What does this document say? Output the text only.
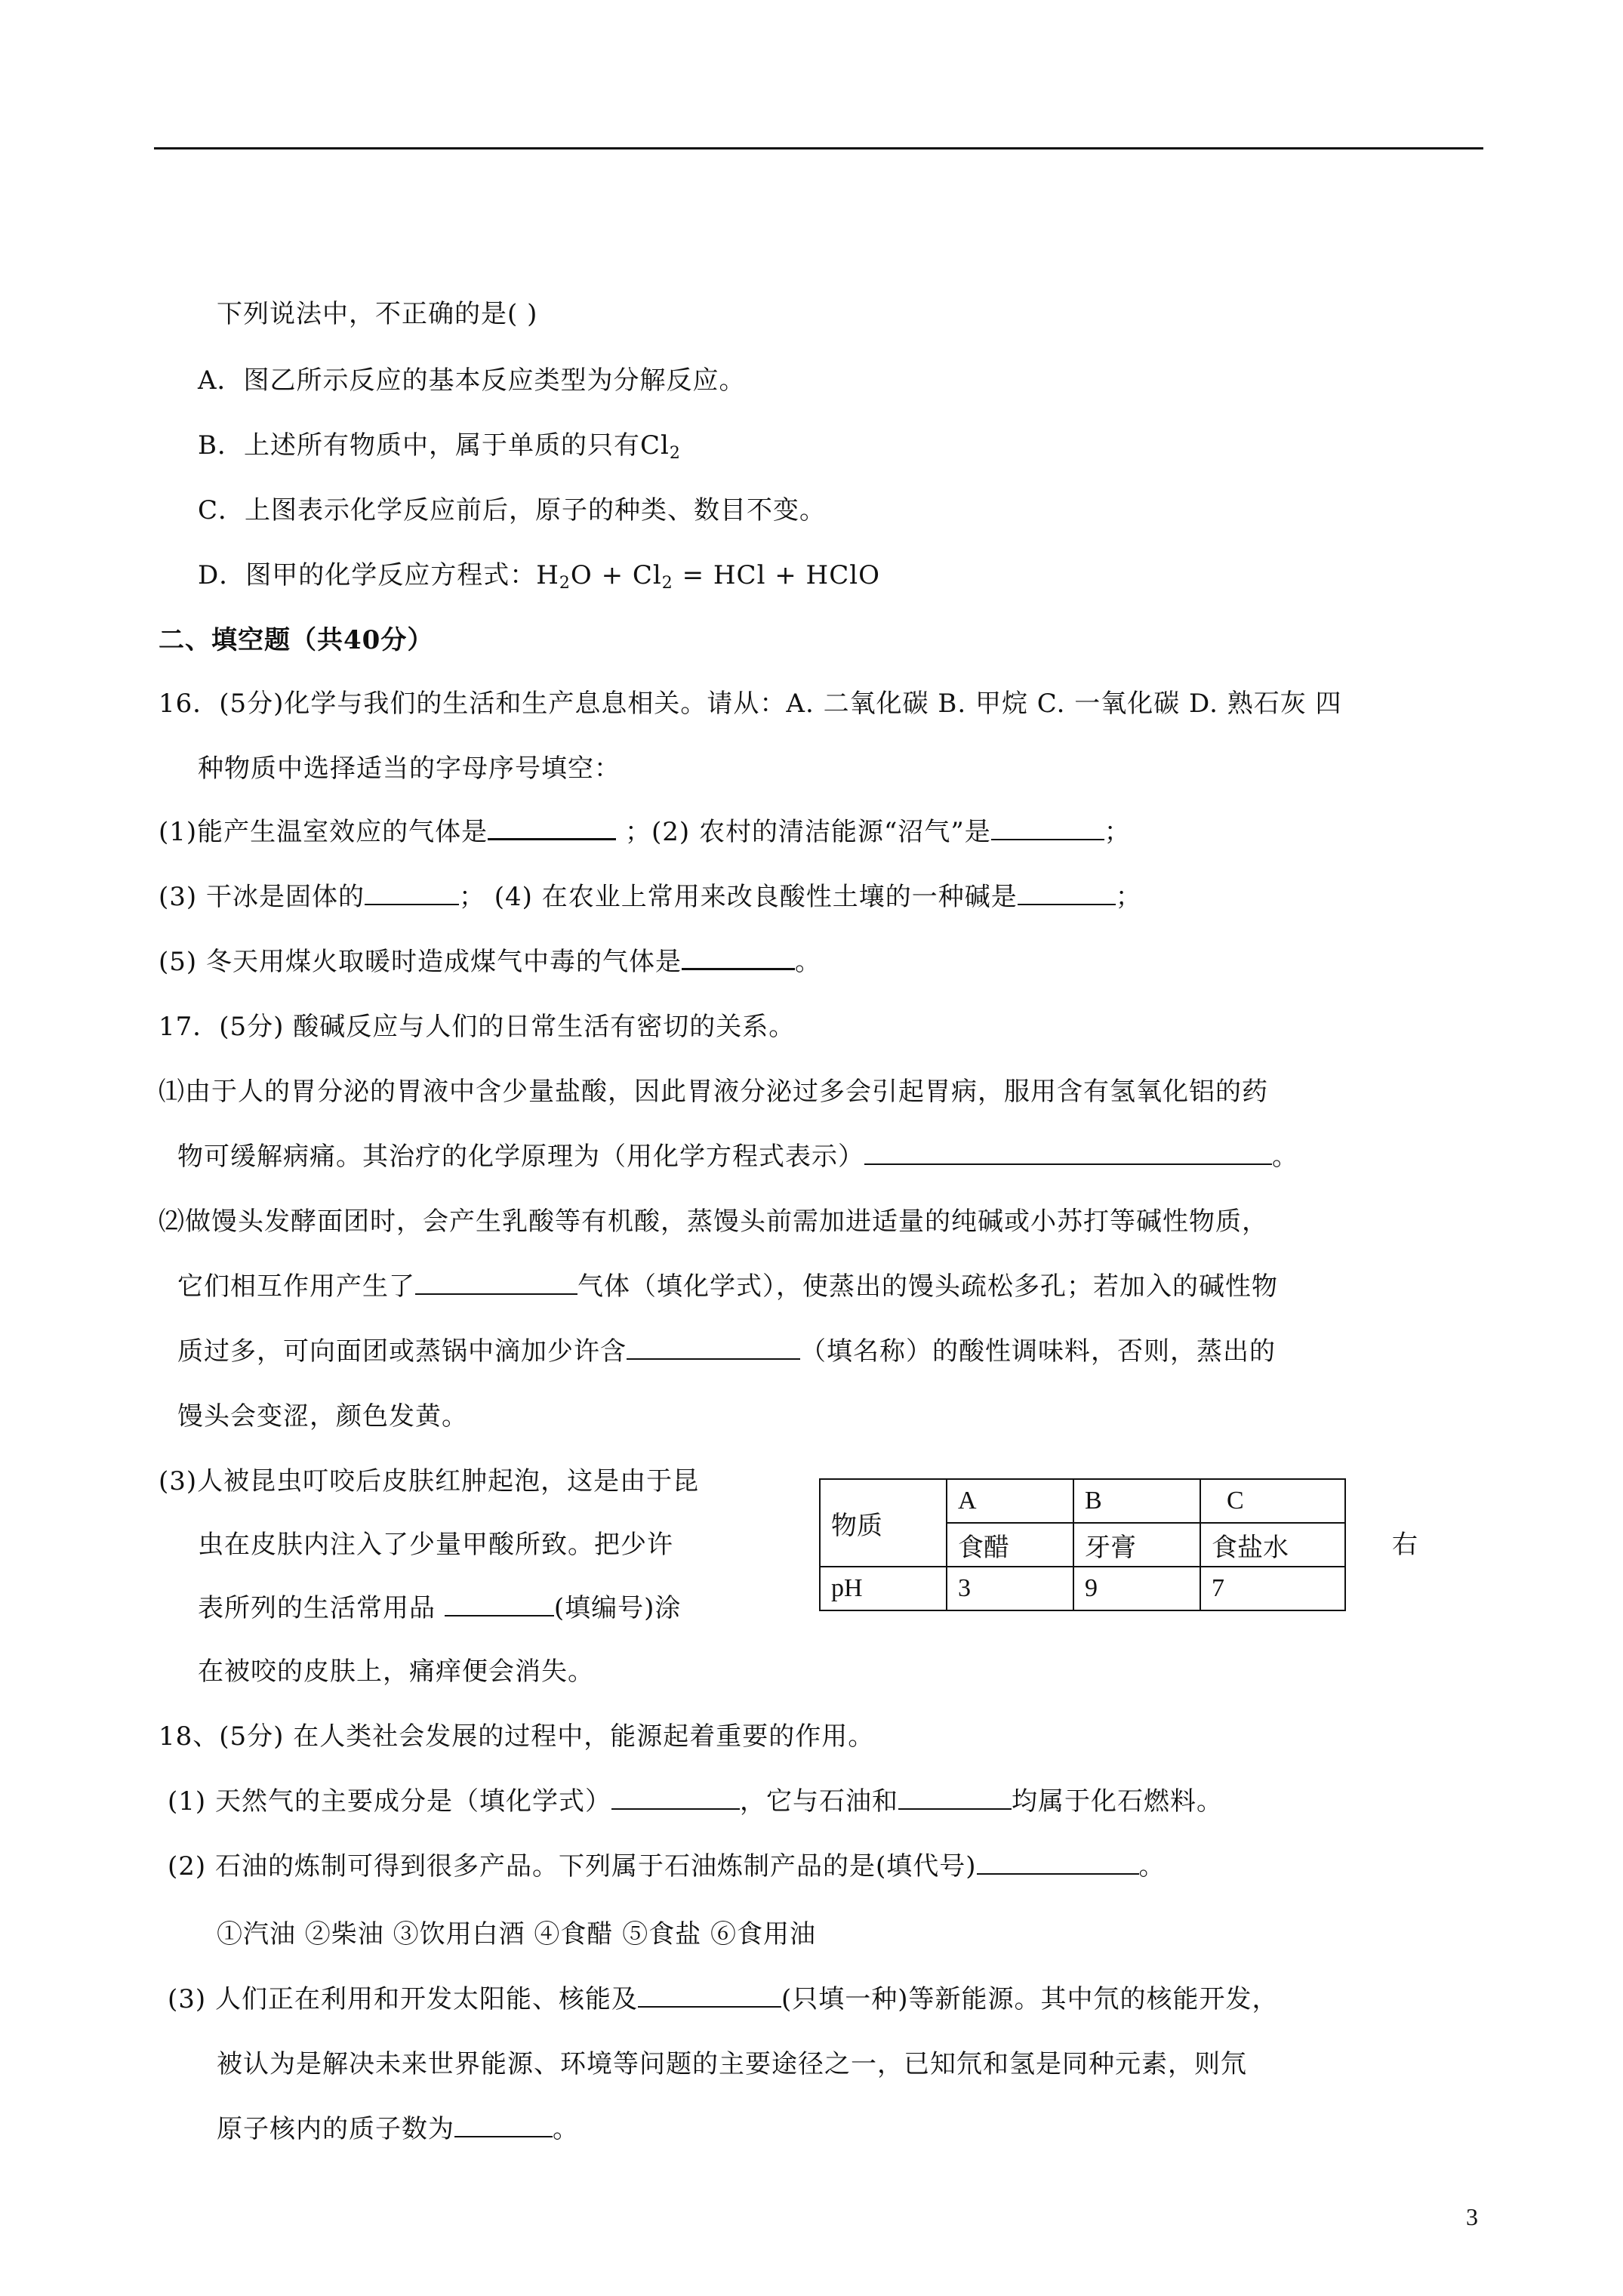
下列说法中，不正确的是( )
A．图乙所示反应的基本反应类型为分解反应。
B．上述所有物质中，属于单质的只有$Cl_2$
C．上图表示化学反应前后，原子的种类、数目不变。
D．图甲的化学反应方程式：$H_2O + Cl_2$ = HCl + HClO
二、填空题（共40分）
16．(5分)化学与我们的生活和生产息息相关。请从：A. 二氧化碳 B. 甲烷 C. 一氧化碳 D. 熟石灰 四
种物质中选择适当的字母序号填空：
(1)能产生温室效应的气体是	；(2) 农村的清洁能源“沼气”是	；
(3) 干冰是固体的	； (4) 在农业上常用来改良酸性土壤的一种碱是	；
(5) 冬天用煤火取暖时造成煤气中毒的气体是	。
17．(5分) 酸碱反应与人们的日常生活有密切的关系。
⑴由于人的胃分泌的胃液中含少量盐酸，因此胃液分泌过多会引起胃病，服用含有氢氧化铝的药
物可缓解病痛。其治疗的化学原理为（用化学方程式表示）	。
⑵做馒头发酵面团时，会产生乳酸等有机酸，蒸馒头前需加进适量的纯碱或小苏打等碱性物质，
它们相互作用产生了	气体（填化学式），使蒸出的馒头疏松多孔；若加入的碱性物
质过多，可向面团或蒸锅中滴加少许含	（填名称）的酸性调味料，否则，蒸出的
馒头会变涩，颜色发黄。
(3)人被昆虫叮咬后皮肤红肿起泡，这是由于昆
虫在皮肤内注入了少量甲酸所致。把少许	右
表所列的生活常用品	(填编号)涂
在被咬的皮肤上，痛痒便会消失。
物质	A	B	C
	食醋	牙膏	食盐水
pH	3	9	7
18、(5分) 在人类社会发展的过程中，能源起着重要的作用。
(1) 天然气的主要成分是（填化学式）	，它与石油和	均属于化石燃料。
(2) 石油的炼制可得到很多产品。下列属于石油炼制产品的是(填代号)	。
①汽油 ②柴油 ③饮用白酒 ④食醋 ⑤食盐 ⑥食用油
(3) 人们正在利用和开发太阳能、核能及	(只填一种)等新能源。其中氘的核能开发，
被认为是解决未来世界能源、环境等问题的主要途径之一，已知氘和氢是同种元素，则氘
原子核内的质子数为	。
3
